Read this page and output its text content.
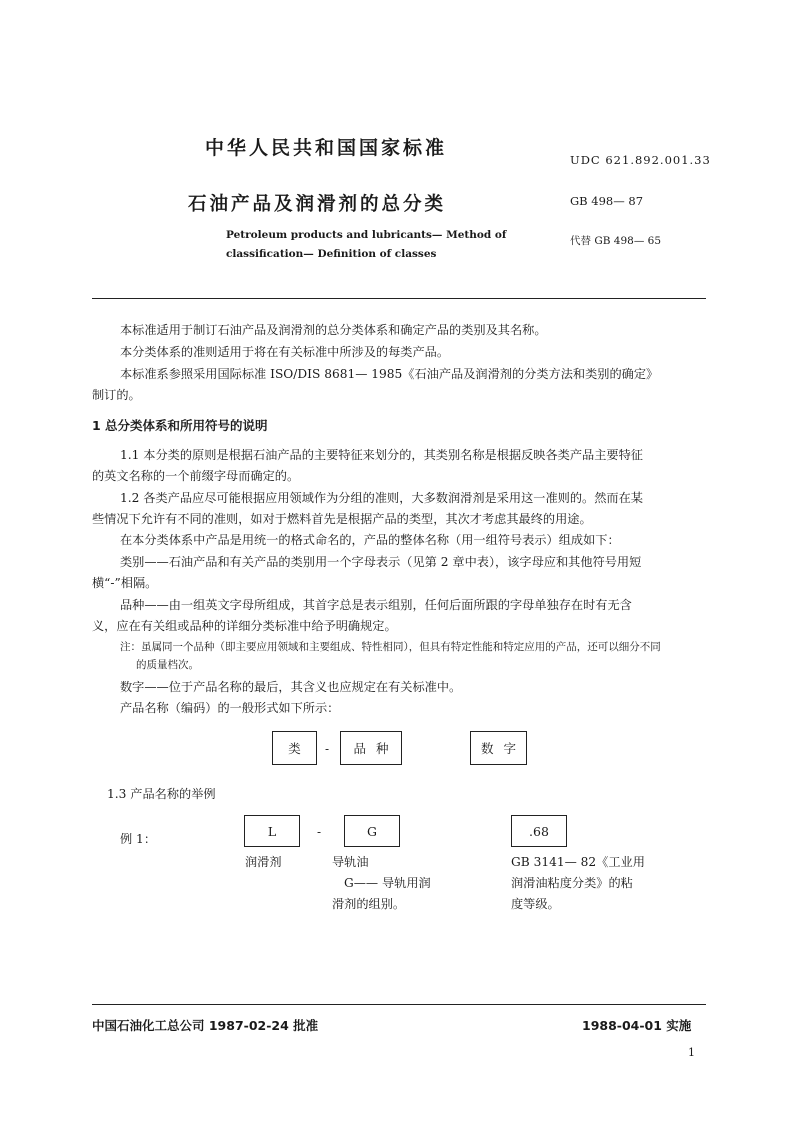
中华人民共和国国家标准
UDC 621.892.001.33
石油产品及润滑剂的总分类	GB 498— 87
Petroleum products and lubricants— Method of
classification— Definition of classes
代替 GB 498— 65
本标准适用于制订石油产品及润滑剂的总分类体系和确定产品的类别及其名称。
本分类体系的准则适用于将在有关标准中所涉及的每类产品。
本标准系参照采用国际标准 ISO/DIS 8681— 1985《石油产品及润滑剂的分类方法和类别的确定》
制订的。
1 总分类体系和所用符号的说明
1.1 本分类的原则是根据石油产品的主要特征来划分的，其类别名称是根据反映各类产品主要特征
的英文名称的一个前缀字母而确定的。
1.2 各类产品应尽可能根据应用领域作为分组的准则，大多数润滑剂是采用这一准则的。然而在某
些情况下允许有不同的准则，如对于燃料首先是根据产品的类型，其次才考虑其最终的用途。
在本分类体系中产品是用统一的格式命名的，产品的整体名称（用一组符号表示）组成如下：
类别——石油产品和有关产品的类别用一个字母表示（见第 2 章中表），该字母应和其他符号用短
横“-”相隔。
品种——由一组英文字母所组成，其首字总是表示组别，任何后面所跟的字母单独存在时有无含
义，应在有关组或品种的详细分类标准中给予明确规定。
注：虽属同一个品种（即主要应用领域和主要组成、特性相同），但具有特定性能和特定应用的产品，还可以细分不同
的质量档次。
数字——位于产品名称的最后，其含义也应规定在有关标准中。
产品名称（编码）的一般形式如下所示：
类 -	品种	数字
1.3 产品名称的举例
例 1：
L	-	G	.68
润滑剂	导轨油
G—— 导轨用润
滑剂的组别。
GB 3141— 82《工业用
润滑油粘度分类》的粘
度等级。
中国石油化工总公司 1987-02-24 批准	1988-04-01 实施
1
